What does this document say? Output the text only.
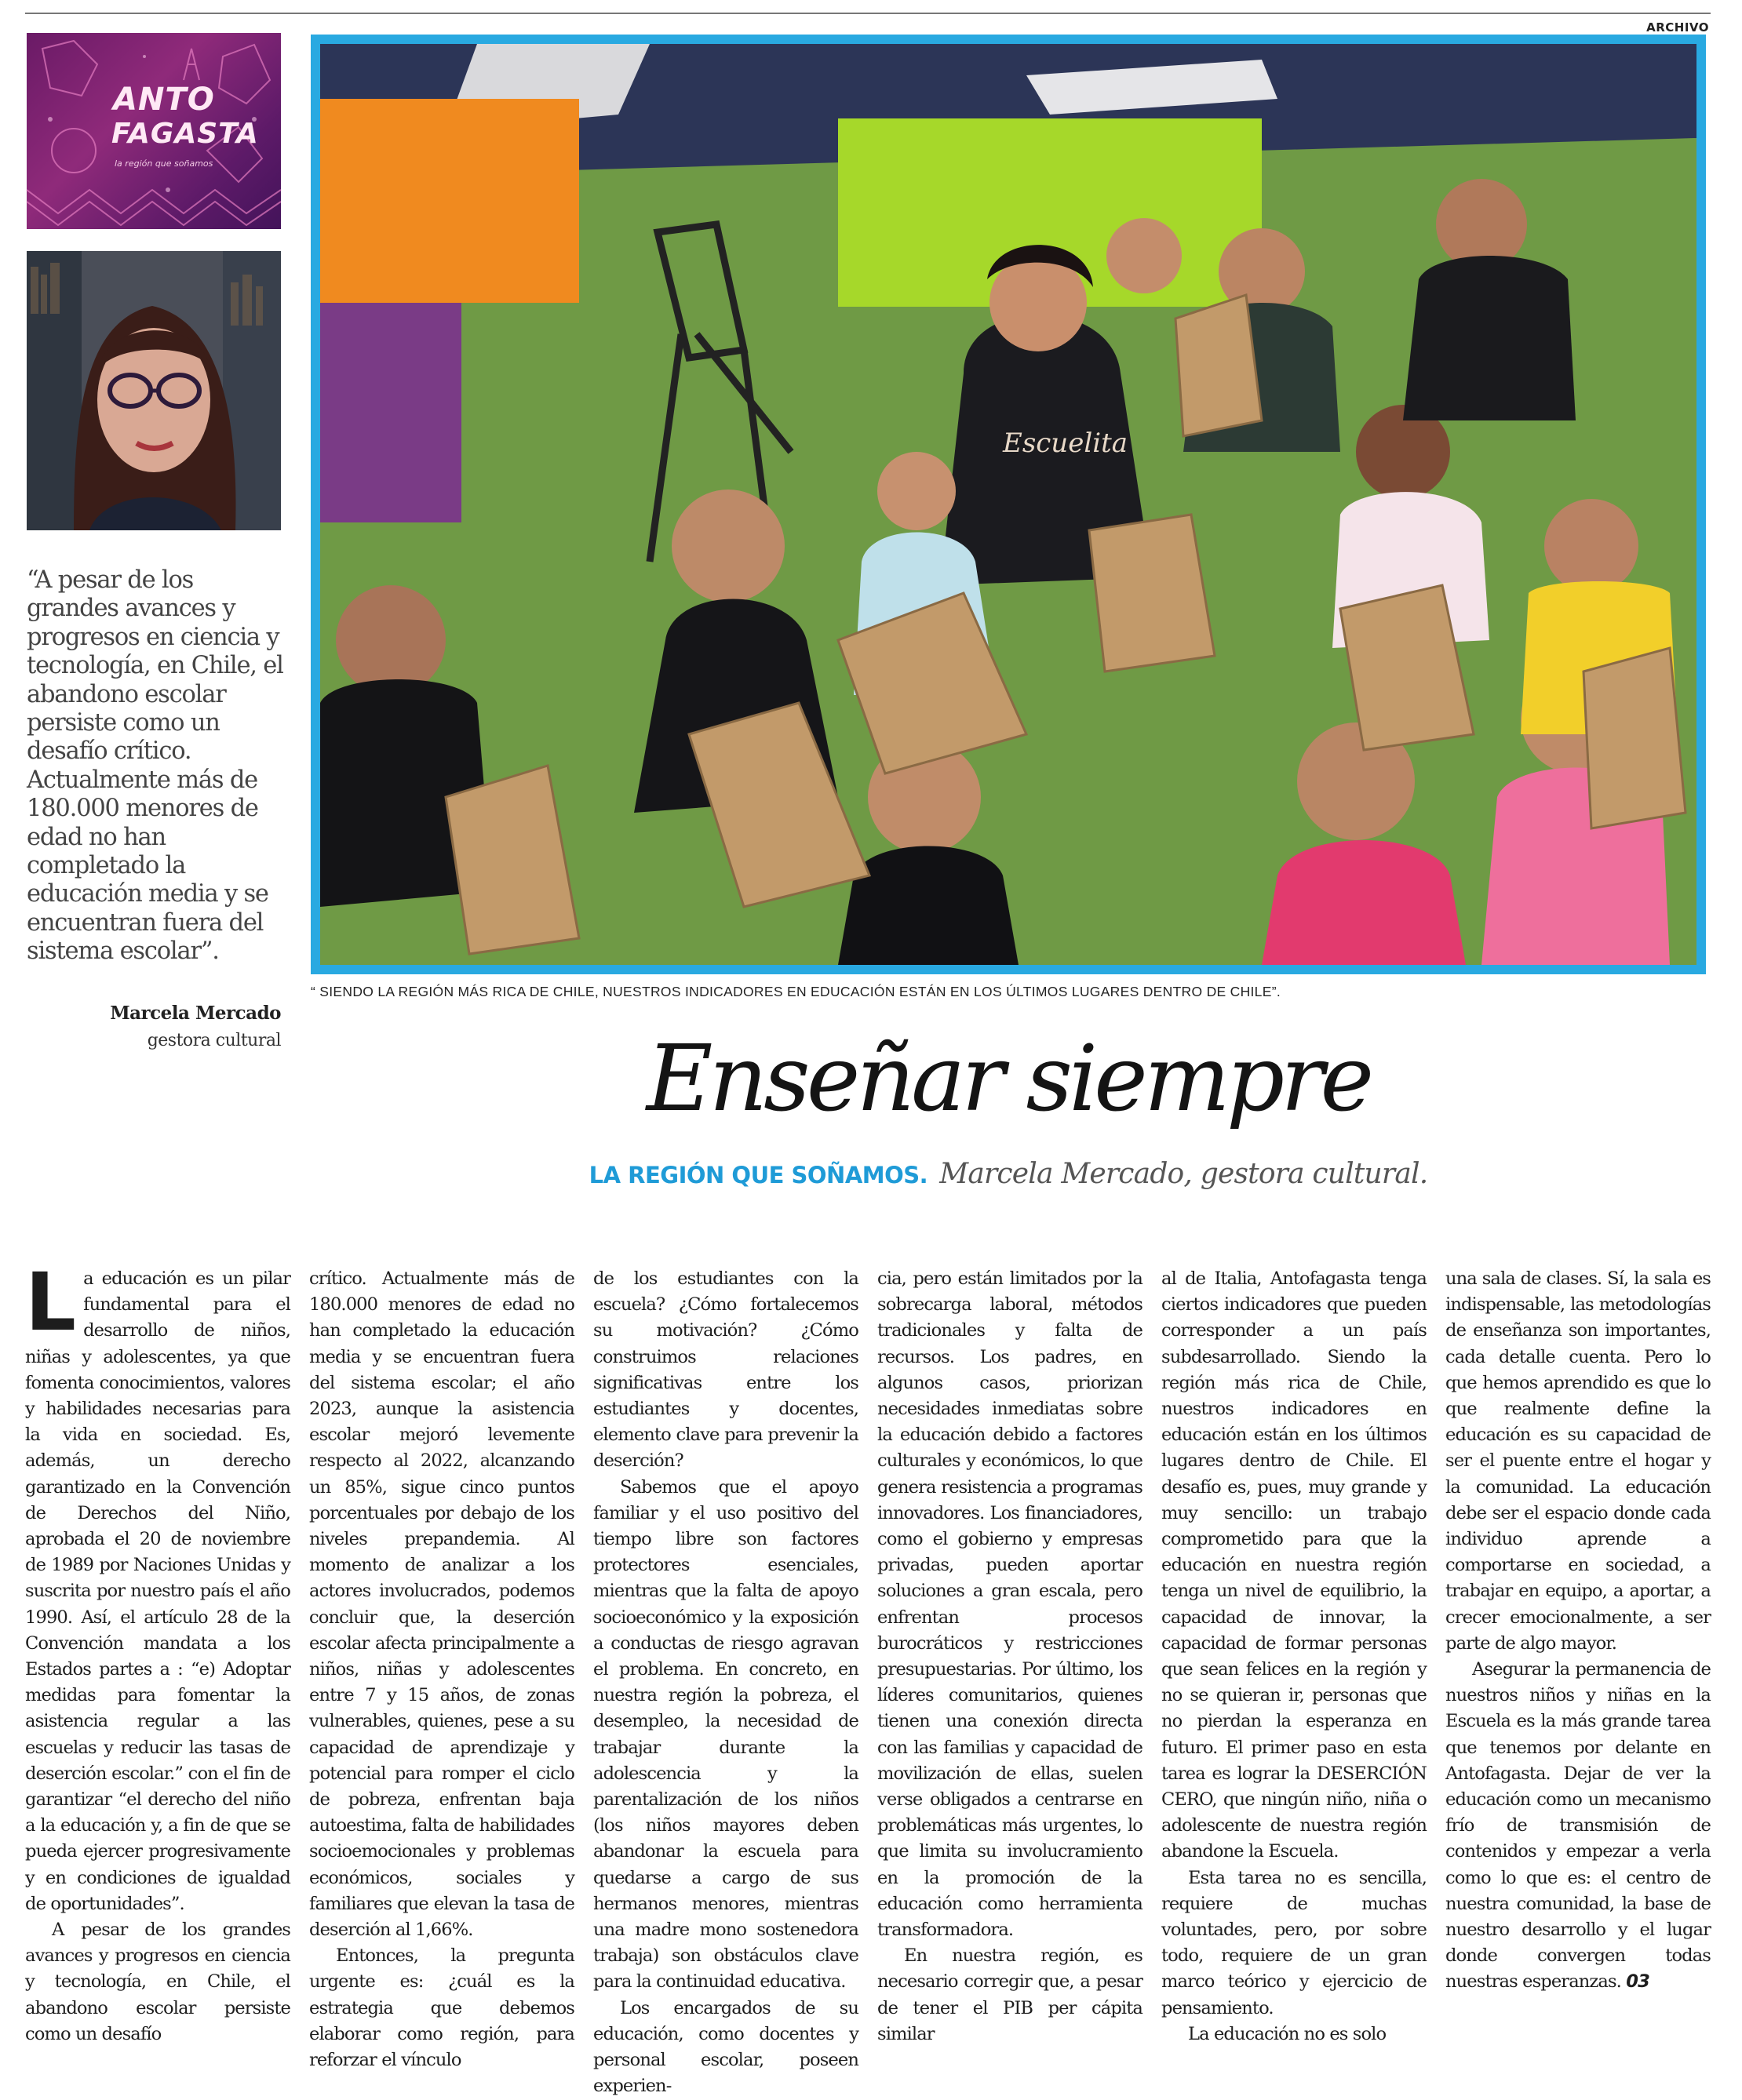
ARCHIVO
ANTO
FAGASTA
la región que soñamos
“A pesar de los grandes avances y progresos en ciencia y tecnología, en Chile, el abandono escolar persiste como un desafío crítico. Actualmente más de 180.000 menores de edad no han completado la educación media y se encuentran fuera del sistema escolar”.
Marcela Mercado
gestora cultural
Escuelita
“ SIENDO LA REGIÓN MÁS RICA DE CHILE, NUESTROS INDICADORES EN EDUCACIÓN ESTÁN EN LOS ÚLTIMOS LUGARES DENTRO DE CHILE”.
Enseñar siempre
LA REGIÓN QUE SOÑAMOS. Marcela Mercado, gestora cultural.

La educación es un pilar fundamental para el desarrollo de niños, niñas y adolescentes, ya que fomenta conocimientos, valores y habilidades necesarias para la vida en sociedad. Es, además, un derecho garantizado en la Convención de Derechos del Niño, aprobada el 20 de noviembre de 1989 por Naciones Unidas y suscrita por nuestro país el año 1990. Así, el artículo 28 de la Convención mandata a los Estados partes a : “e) Adoptar medidas para fomentar la asistencia regular a las escuelas y reducir las tasas de deserción escolar.” con el fin de garantizar “el derecho del niño a la educación y, a fin de que se pueda ejercer progresivamente y en condiciones de igualdad de oportunidades”.

A pesar de los grandes avances y progresos en ciencia y tecnología, en Chile, el abandono escolar persiste como un desafío

crítico. Actualmente más de 180.000 menores de edad no han completado la educación media y se encuentran fuera del sistema escolar; el año 2023, aunque la asistencia escolar mejoró levemente respecto al 2022, alcanzando un 85%, sigue cinco puntos porcentuales por debajo de los niveles prepandemia. Al momento de analizar a los actores involucrados, podemos concluir que, la deserción escolar afecta principalmente a niños, niñas y adolescentes entre 7 y 15 años, de zonas vulnerables, quienes, pese a su capacidad de aprendizaje y potencial para romper el ciclo de pobreza, enfrentan baja autoestima, falta de habilidades socioemocionales y problemas económicos, sociales y familiares que elevan la tasa de deserción al 1,66%.

Entonces, la pregunta urgente es: ¿cuál es la estrategia que debemos elaborar como región, para reforzar el vínculo

de los estudiantes con la escuela? ¿Cómo fortalecemos su motivación? ¿Cómo construimos relaciones significativas entre los estudiantes y docentes, elemento clave para prevenir la deserción?

Sabemos que el apoyo familiar y el uso positivo del tiempo libre son factores protectores esenciales, mientras que la falta de apoyo socioeconómico y la exposición a conductas de riesgo agravan el problema. En concreto, en nuestra región la pobreza, el desempleo, la necesidad de trabajar durante la adolescencia y la parentalización de los niños (los niños mayores deben abandonar la escuela para quedarse a cargo de sus hermanos menores, mientras una madre mono sostenedora trabaja) son obstáculos clave para la continuidad educativa.

Los encargados de su educación, como docentes y personal escolar, poseen experien-

cia, pero están limitados por la sobrecarga laboral, métodos tradicionales y falta de recursos. Los padres, en algunos casos, priorizan necesidades inmediatas sobre la educación debido a factores culturales y económicos, lo que genera resistencia a programas innovadores. Los financiadores, como el gobierno y empresas privadas, pueden aportar soluciones a gran escala, pero enfrentan procesos burocráticos y restricciones presupuestarias. Por último, los líderes comunitarios, quienes tienen una conexión directa con las familias y capacidad de movilización de ellas, suelen verse obligados a centrarse en problemáticas más urgentes, lo que limita su involucramiento en la promoción de la educación como herramienta transformadora.

En nuestra región, es necesario corregir que, a pesar de tener el PIB per cápita similar

al de Italia, Antofagasta tenga ciertos indicadores que pueden corresponder a un país subdesarrollado. Siendo la región más rica de Chile, nuestros indicadores en educación están en los últimos lugares dentro de Chile. El desafío es, pues, muy grande y muy sencillo: un trabajo comprometido para que la educación en nuestra región tenga un nivel de equilibrio, la capacidad de innovar, la capacidad de formar personas que sean felices en la región y no se quieran ir, personas que no pierdan la esperanza en futuro. El primer paso en esta tarea es lograr la DESERCIÓN CERO, que ningún niño, niña o adolescente de nuestra región abandone la Escuela.

Esta tarea no es sencilla, requiere de muchas voluntades, pero, por sobre todo, requiere de un gran marco teórico y ejercicio de pensamiento.

La educación no es solo

una sala de clases. Sí, la sala es indispensable, las metodologías de enseñanza son importantes, cada detalle cuenta. Pero lo que hemos aprendido es que lo que realmente define la educación es su capacidad de ser el puente entre el hogar y la comunidad. La educación debe ser el espacio donde cada individuo aprende a comportarse en sociedad, a trabajar en equipo, a aportar, a crecer emocionalmente, a ser parte de algo mayor.

Asegurar la permanencia de nuestros niños y niñas en la Escuela es la más grande tarea que tenemos por delante en Antofagasta. Dejar de ver la educación como un mecanismo frío de transmisión de contenidos y empezar a verla como lo que es: el centro de nuestra comunidad, la base de nuestro desarrollo y el lugar donde convergen todas nuestras esperanzas. 03
